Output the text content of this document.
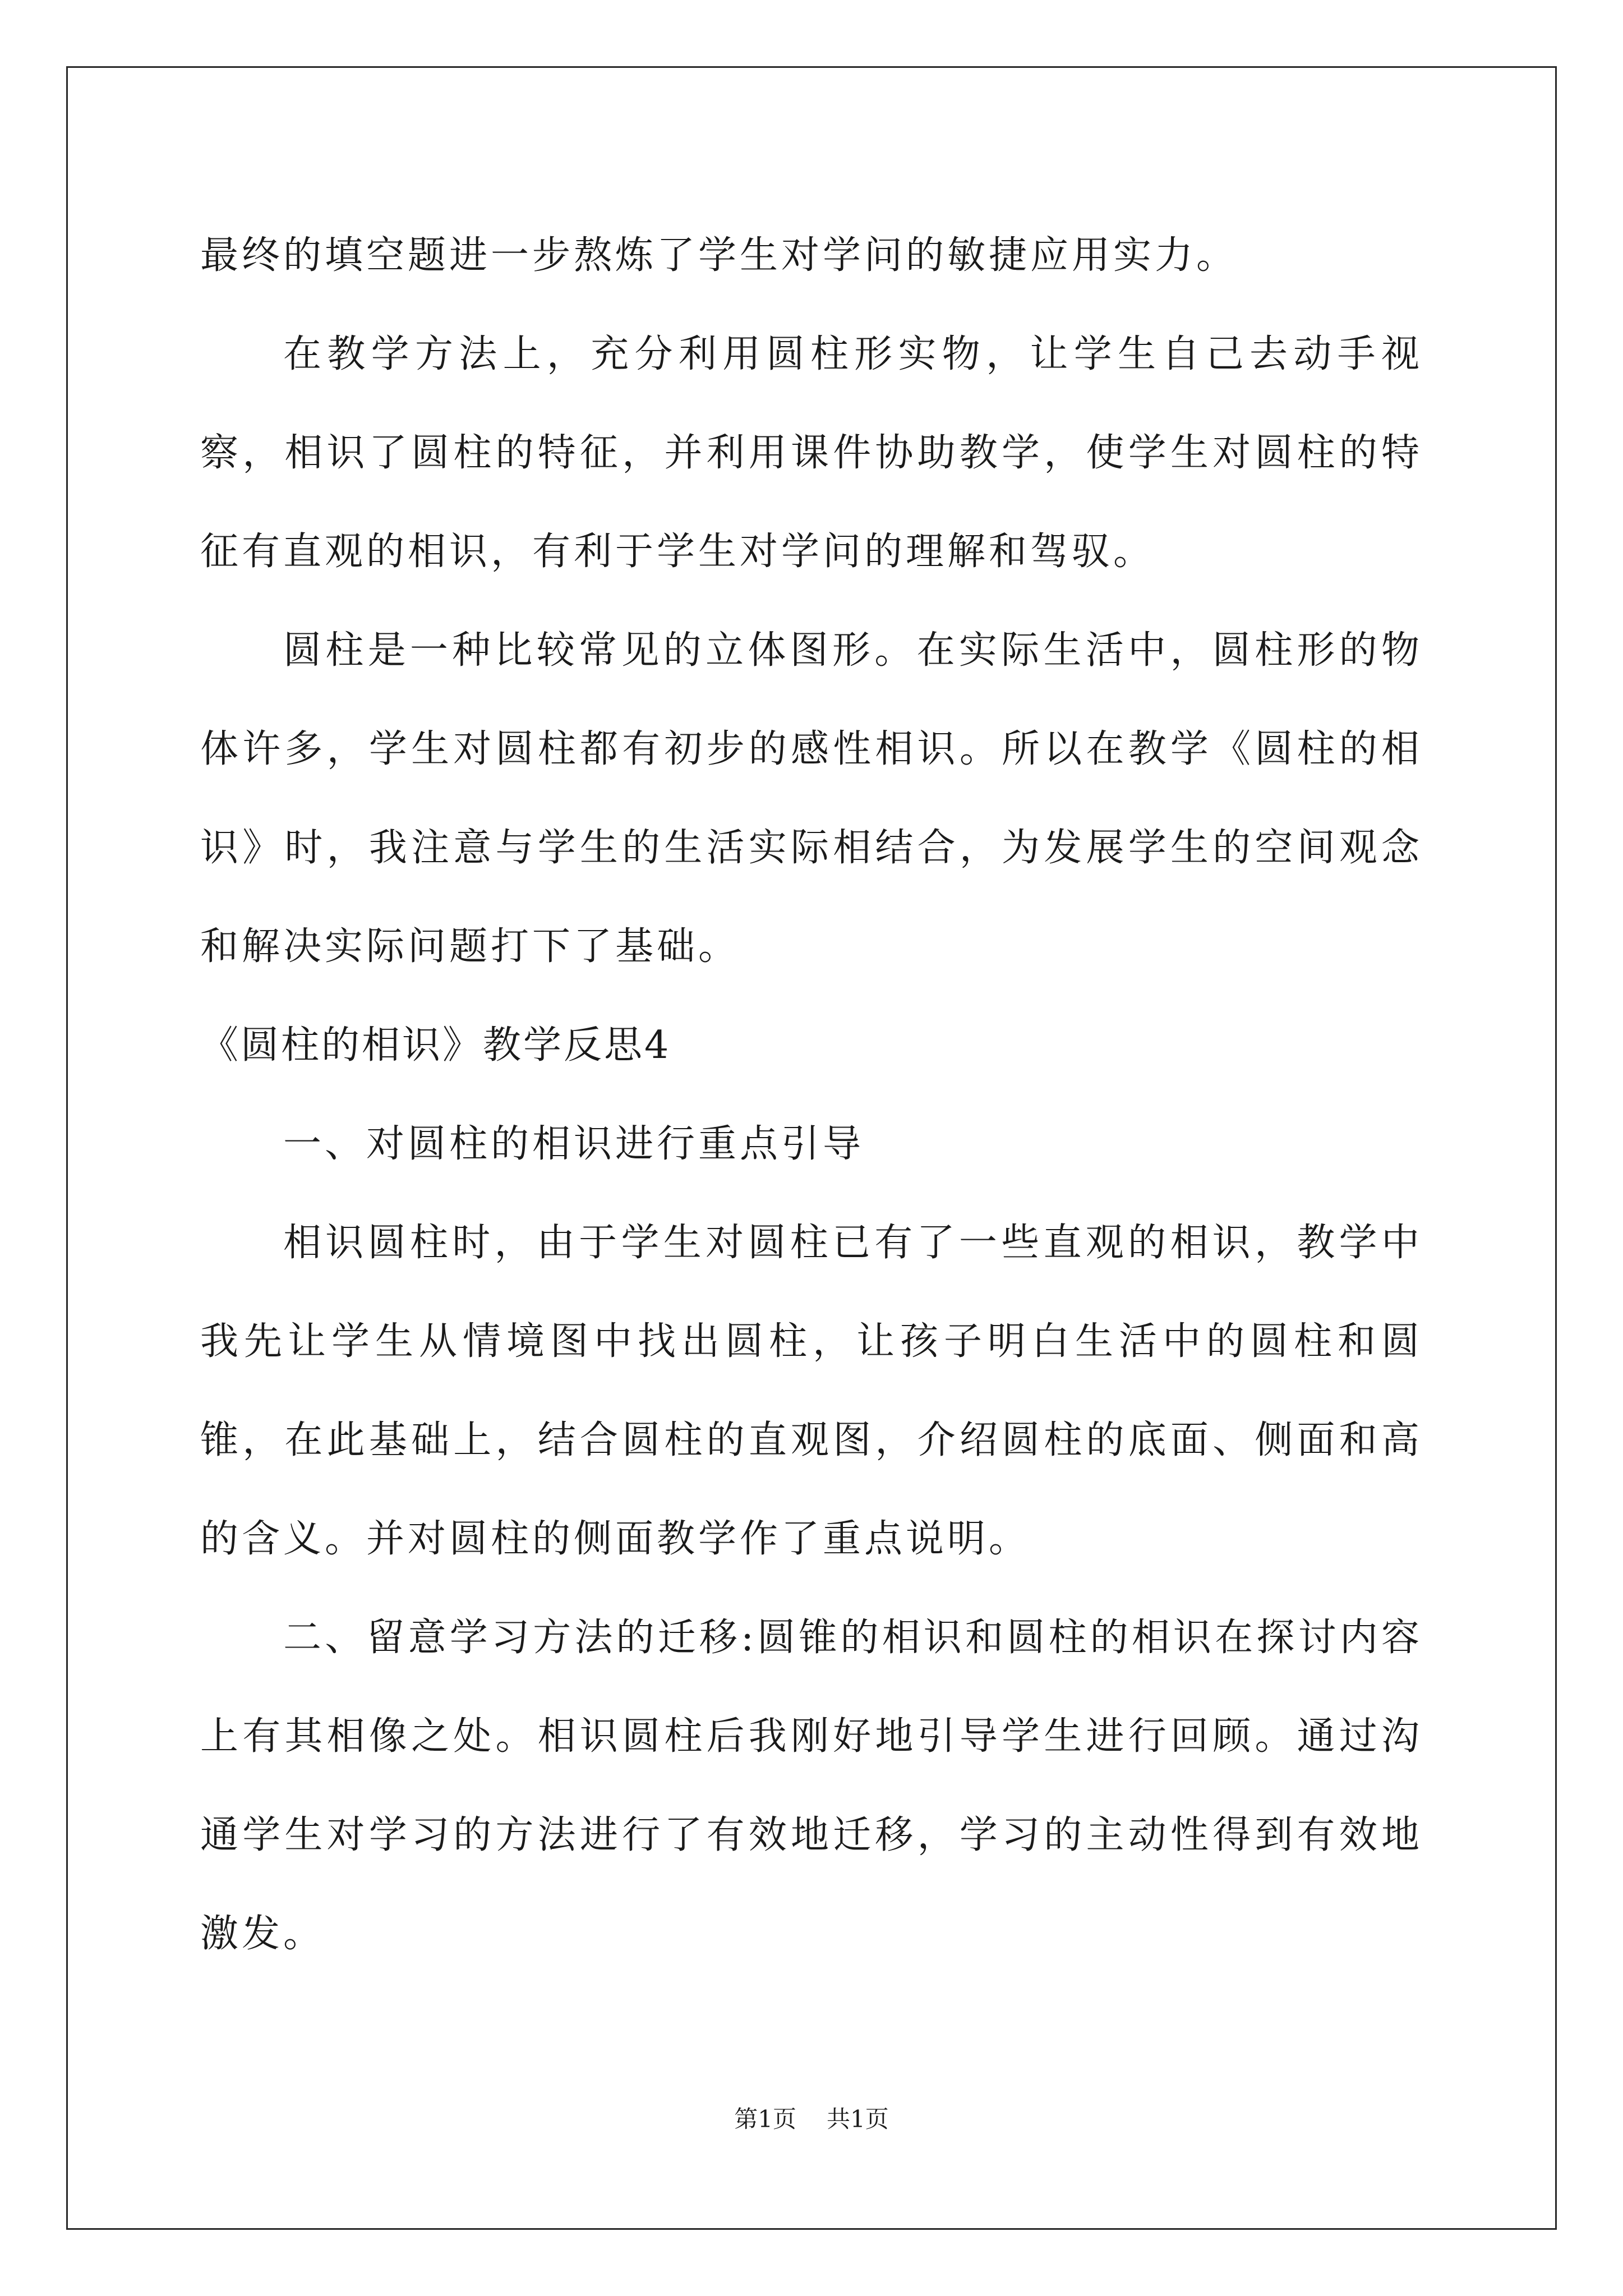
最终的填空题进一步熬炼了学生对学问的敏捷应用实力。

在教学方法上，充分利用圆柱形实物，让学生自己去动手视察，相识了圆柱的特征，并利用课件协助教学，使学生对圆柱的特征有直观的相识，有利于学生对学问的理解和驾驭。

圆柱是一种比较常见的立体图形。在实际生活中，圆柱形的物体许多，学生对圆柱都有初步的感性相识。所以在教学《圆柱的相识》时，我注意与学生的生活实际相结合，为发展学生的空间观念和解决实际问题打下了基础。

《圆柱的相识》教学反思4

一、对圆柱的相识进行重点引导

相识圆柱时，由于学生对圆柱已有了一些直观的相识，教学中我先让学生从情境图中找出圆柱，让孩子明白生活中的圆柱和圆锥，在此基础上，结合圆柱的直观图，介绍圆柱的底面、侧面和高的含义。并对圆柱的侧面教学作了重点说明。

二、留意学习方法的迁移:圆锥的相识和圆柱的相识在探讨内容上有其相像之处。相识圆柱后我刚好地引导学生进行回顾。通过沟通学生对学习的方法进行了有效地迁移，学习的主动性得到有效地激发。

第1页 共1页
